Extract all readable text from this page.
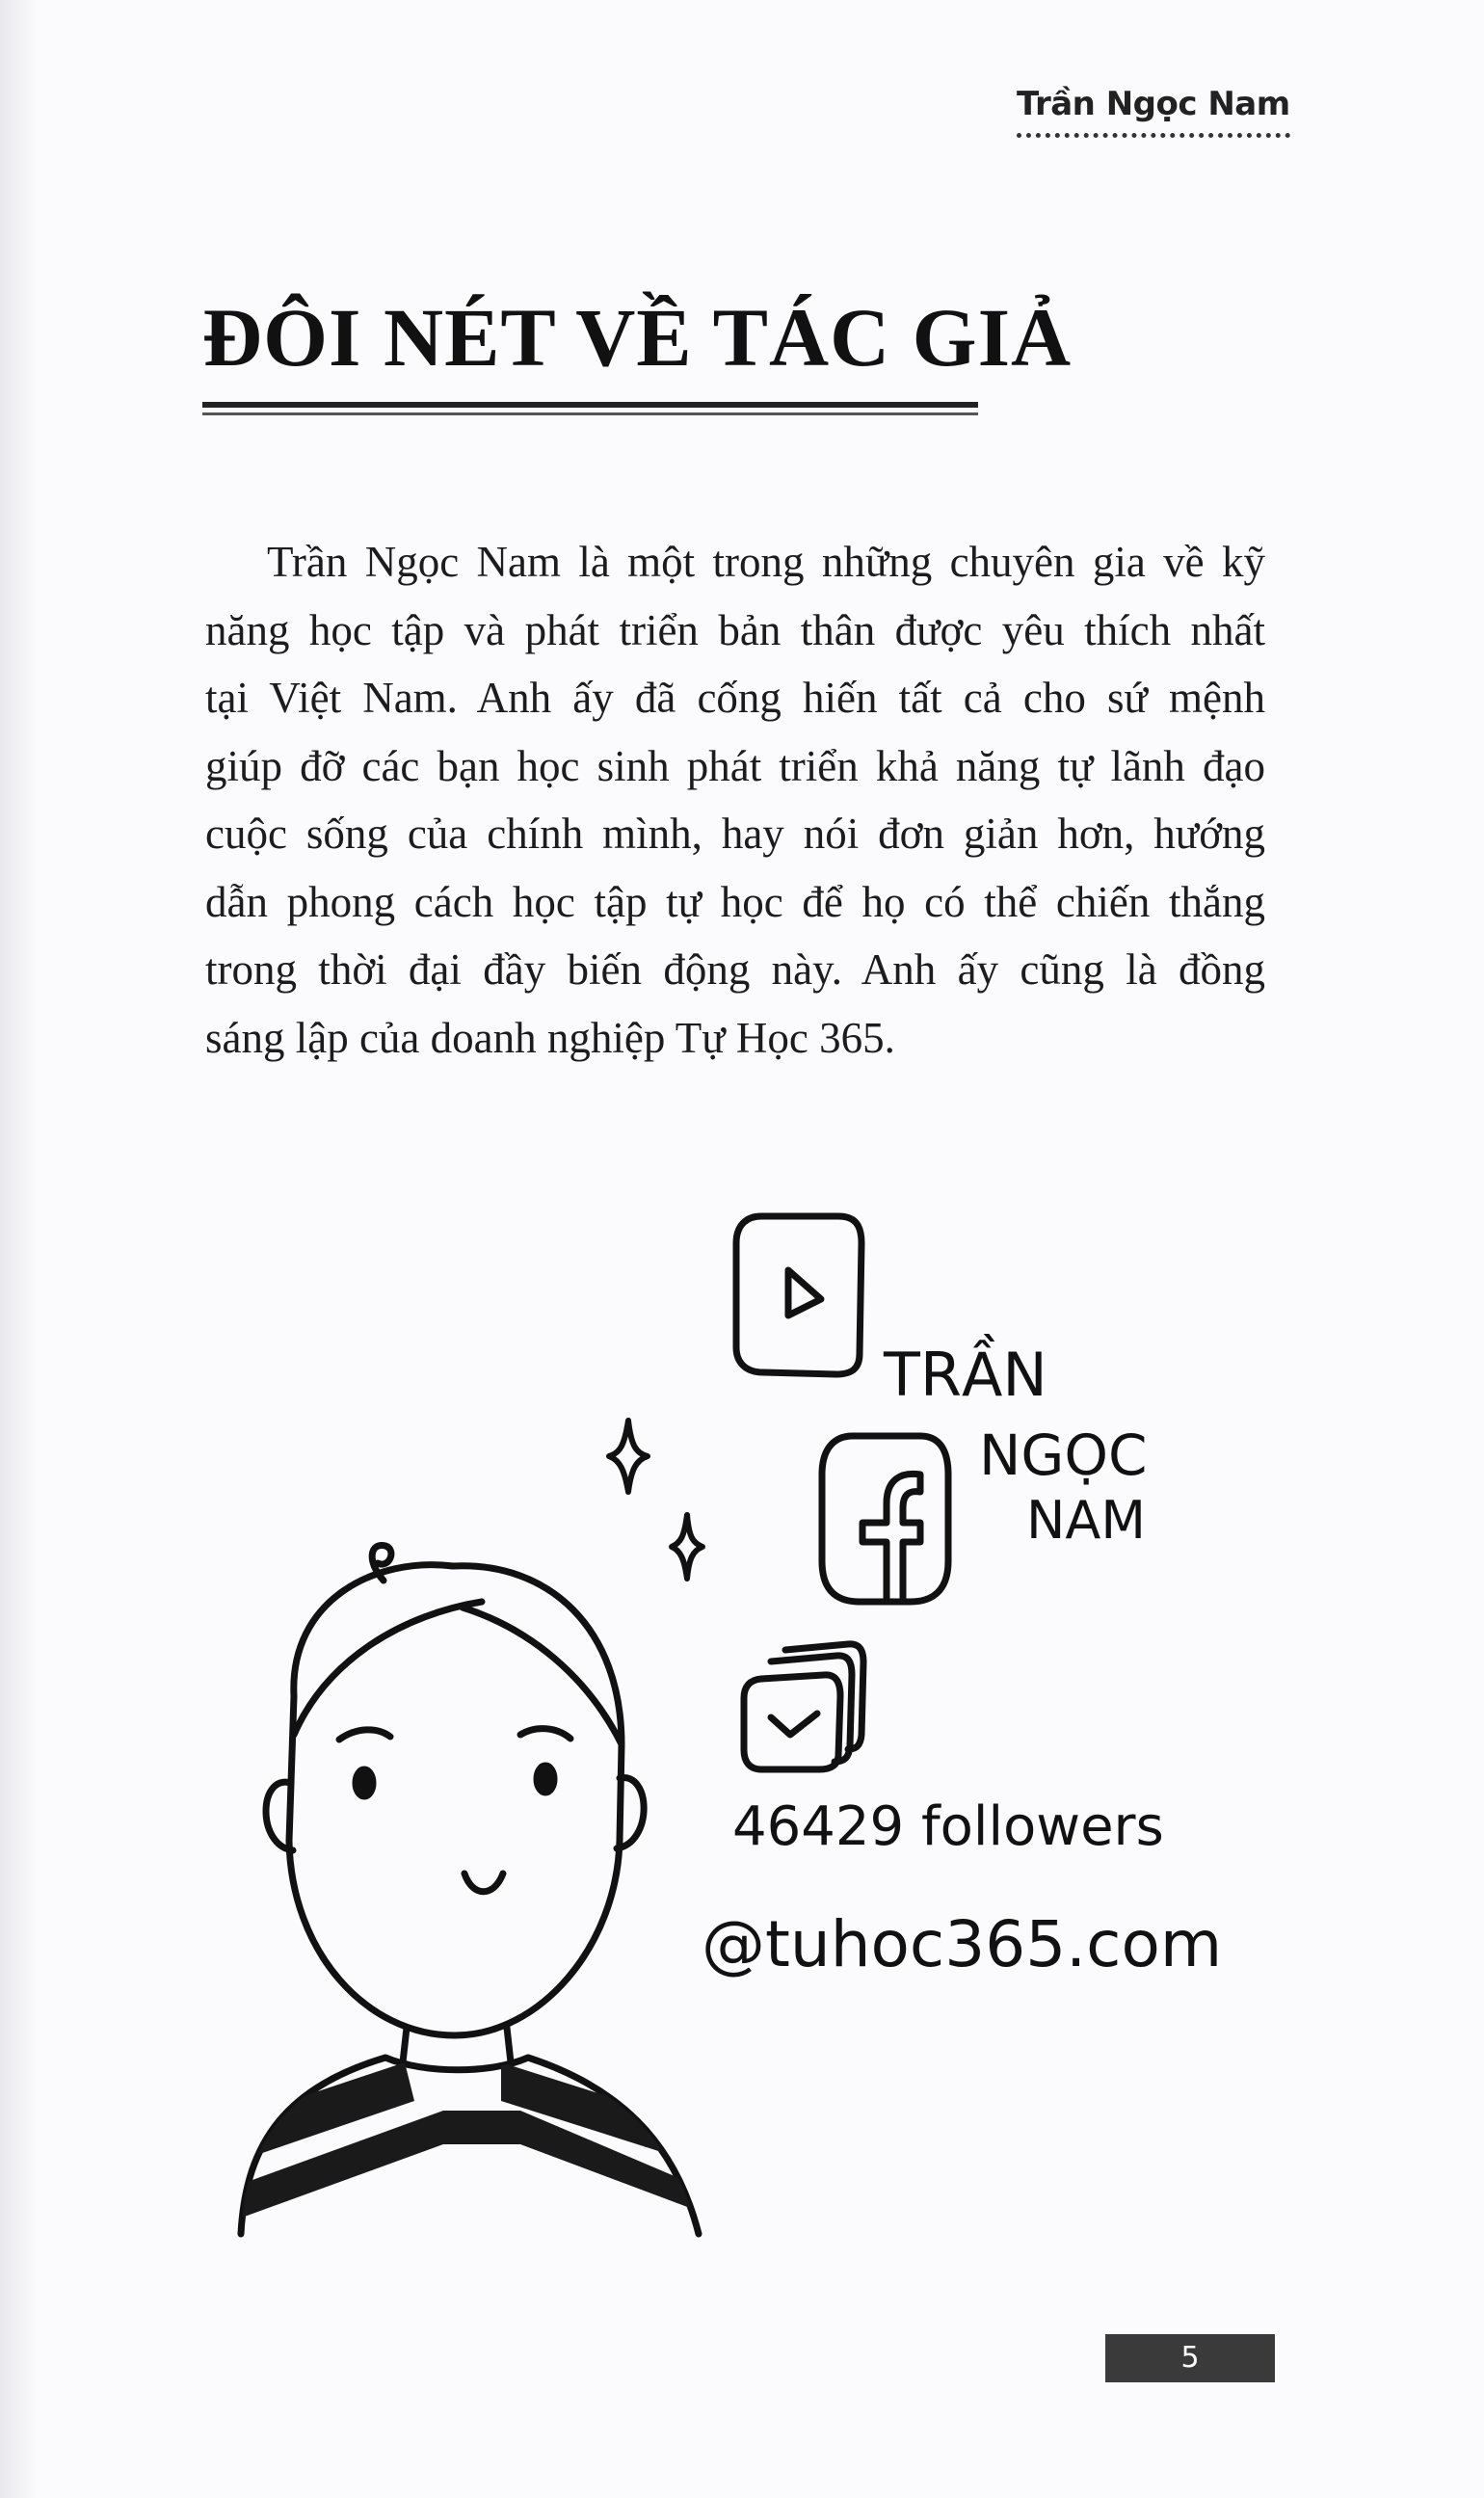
Trần Ngọc Nam
ĐÔI NÉT VỀ TÁC GIẢ
Trần Ngọc Nam là một trong những chuyên gia về kỹ
năng học tập và phát triển bản thân được yêu thích nhất
tại Việt Nam. Anh ấy đã cống hiến tất cả cho sứ mệnh
giúp đỡ các bạn học sinh phát triển khả năng tự lãnh đạo
cuộc sống của chính mình, hay nói đơn giản hơn, hướng
dẫn phong cách học tập tự học để họ có thể chiến thắng
trong thời đại đầy biến động này. Anh ấy cũng là đồng
sáng lập của doanh nghiệp Tự Học 365.
TRẦN
NGỌC
NAM
46429 followers
@tuhoc365.com
5
